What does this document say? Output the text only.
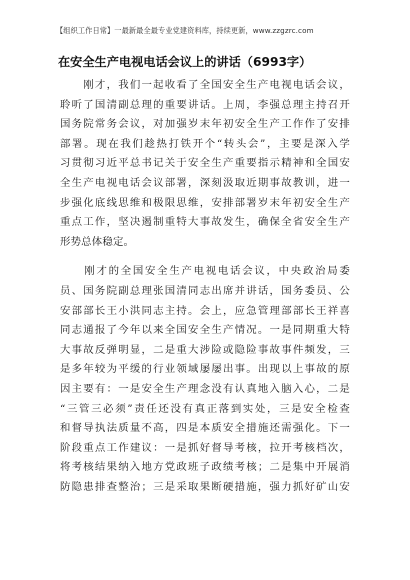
【组织工作日常】一最新最全最专业党建资料库，持续更新，www.zzgzrc.com
在安全生产电视电话会议上的讲话（6993字）
　　刚才，我们一起收看了全国安全生产电视电话会议，
聆听了国清副总理的重要讲话。上周，李强总理主持召开
国务院常务会议，对加强岁末年初安全生产工作作了安排
部署。现在我们趁热打铁开个“转头会”，主要是深入学
习贯彻习近平总书记关于安全生产重要指示精神和全国安
全生产电视电话会议部署，深刻汲取近期事故教训，进一
步强化底线思维和极限思维，安排部署岁末年初安全生产
重点工作，坚决遏制重特大事故发生，确保全省安全生产
形势总体稳定。
　　刚才的全国安全生产电视电话会议，中央政治局委
员、国务院副总理张国清同志出席并讲话，国务委员、公
安部部长王小洪同志主持。会上，应急管理部部长王祥喜
同志通报了今年以来全国安全生产情况。一是同期重大特
大事故反弹明显，二是重大涉险或隐险事故事件频发，三
是多年较为平缓的行业领域屡屡出事。出现以上事故的原
因主要有：一是安全生产理念没有认真地入脑入心，二是
“三管三必须”责任还没有真正落到实处，三是安全检查
和督导执法质量不高，四是本质安全措施还需强化。下一
阶段重点工作建议：一是抓好督导考核，拉开考核档次，
将考核结果纳入地方党政班子政绩考核；二是集中开展消
防隐患排查整治；三是采取果断硬措施，强力抓好矿山安
